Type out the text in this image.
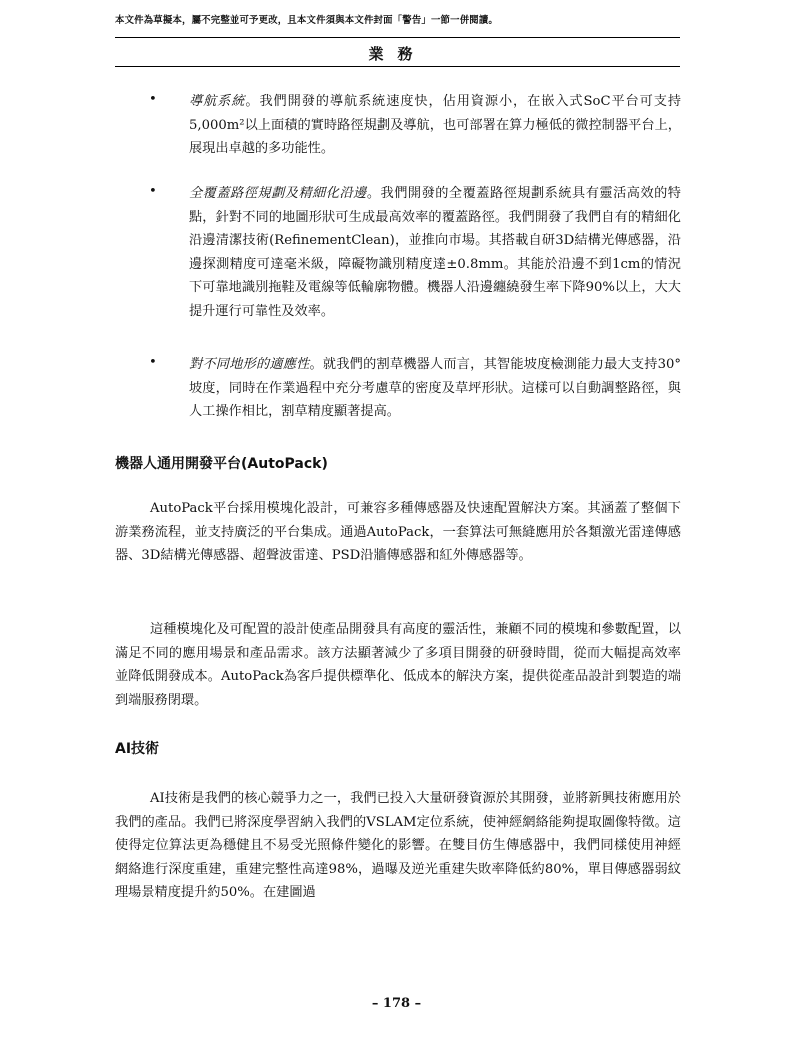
本文件為草擬本，屬不完整並可予更改，且本文件須與本文件封面「警告」一節一併閱讀。
業務
• 導航系統。我們開發的導航系統速度快，佔用資源小，在嵌入式SoC平台可支持5,000m²以上面積的實時路徑規劃及導航，也可部署在算力極低的微控制器平台上，展現出卓越的多功能性。
• 全覆蓋路徑規劃及精細化沿邊。我們開發的全覆蓋路徑規劃系統具有靈活高效的特點，針對不同的地圖形狀可生成最高效率的覆蓋路徑。我們開發了我們自有的精細化沿邊清潔技術(RefinementClean)，並推向市場。其搭載自研3D結構光傳感器，沿邊探測精度可達毫米級，障礙物識別精度達±0.8mm。其能於沿邊不到1cm的情況下可靠地識別拖鞋及電線等低輪廓物體。機器人沿邊纏繞發生率下降90%以上，大大提升運行可靠性及效率。
• 對不同地形的適應性。就我們的割草機器人而言，其智能坡度檢測能力最大支持30°坡度，同時在作業過程中充分考慮草的密度及草坪形狀。這樣可以自動調整路徑，與人工操作相比，割草精度顯著提高。
機器人通用開發平台(AutoPack)
AutoPack平台採用模塊化設計，可兼容多種傳感器及快速配置解決方案。其涵蓋了整個下游業務流程，並支持廣泛的平台集成。通過AutoPack，一套算法可無縫應用於各類激光雷達傳感器、3D結構光傳感器、超聲波雷達、PSD沿牆傳感器和紅外傳感器等。
這種模塊化及可配置的設計使產品開發具有高度的靈活性，兼顧不同的模塊和參數配置，以滿足不同的應用場景和產品需求。該方法顯著減少了多項目開發的研發時間，從而大幅提高效率並降低開發成本。AutoPack為客戶提供標準化、低成本的解決方案，提供從產品設計到製造的端到端服務閉環。
AI技術
AI技術是我們的核心競爭力之一，我們已投入大量研發資源於其開發，並將新興技術應用於我們的產品。我們已將深度學習納入我們的VSLAM定位系統，使神經網絡能夠提取圖像特徵。這使得定位算法更為穩健且不易受光照條件變化的影響。在雙目仿生傳感器中，我們同樣使用神經網絡進行深度重建，重建完整性高達98%，過曝及逆光重建失敗率降低約80%，單目傳感器弱紋理場景精度提升約50%。在建圖過
– 178 –
